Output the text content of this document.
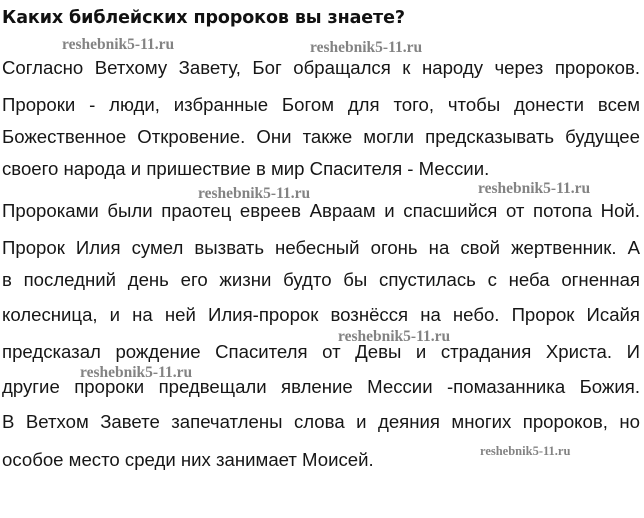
Каких библейских пророков вы знаете?
Согласно Ветхому Завету, Бог обращался к народу через пророков.
Пророки - люди, избранные Богом для того, чтобы донести всем
Божественное Откровение. Они также могли предсказывать будущее
своего народа и пришествие в мир Спасителя - Мессии.
Пророками были праотец евреев Авраам и спасшийся от потопа Ной.
Пророк Илия сумел вызвать небесный огонь на свой жертвенник. А
в последний день его жизни будто бы спустилась с неба огненная
колесница, и на ней Илия-пророк вознёсся на небо. Пророк Исайя
предсказал рождение Спасителя от Девы и страдания Христа. И
другие пророки предвещали явление Мессии -помазанника Божия.
В Ветхом Завете запечатлены слова и деяния многих пророков, но
особое место среди них занимает Моисей.
reshebnik5-11.ru	reshebnik5-11.ru
reshebnik5-11.ru	reshebnik5-11.ru
reshebnik5-11.ru
reshebnik5-11.ru
reshebnik5-11.ru
